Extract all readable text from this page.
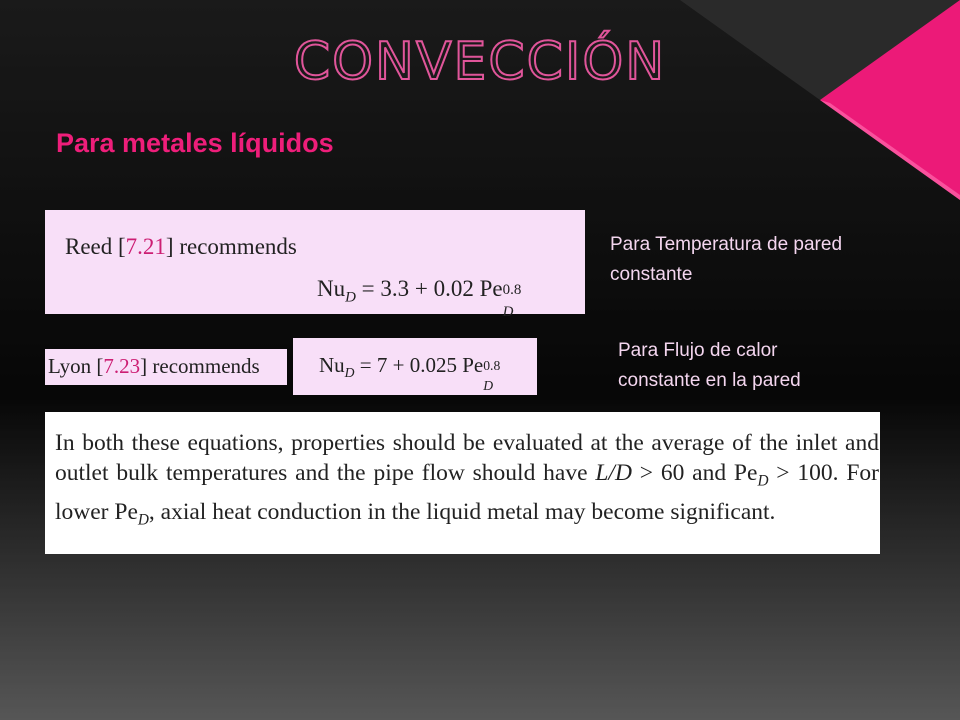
CONVECCIÓN
Para metales líquidos
Reed [7.21] recommends
$Nu_D = 3.3 + 0.02$ Pe 0.8
D
Para Temperatura de pared constante
Lyon [7.23] recommends	$Nu_D = 7 + 0.025$ Pe 0.8
D
Para Flujo de calor constante en la pared
In both these equations, properties should be evaluated at the average of the inlet and outlet bulk temperatures and the pipe flow should have L/D > 60 and $Pe_D > 100$. For lower $Pe_D$, axial heat conduction in the liquid metal may become significant.
